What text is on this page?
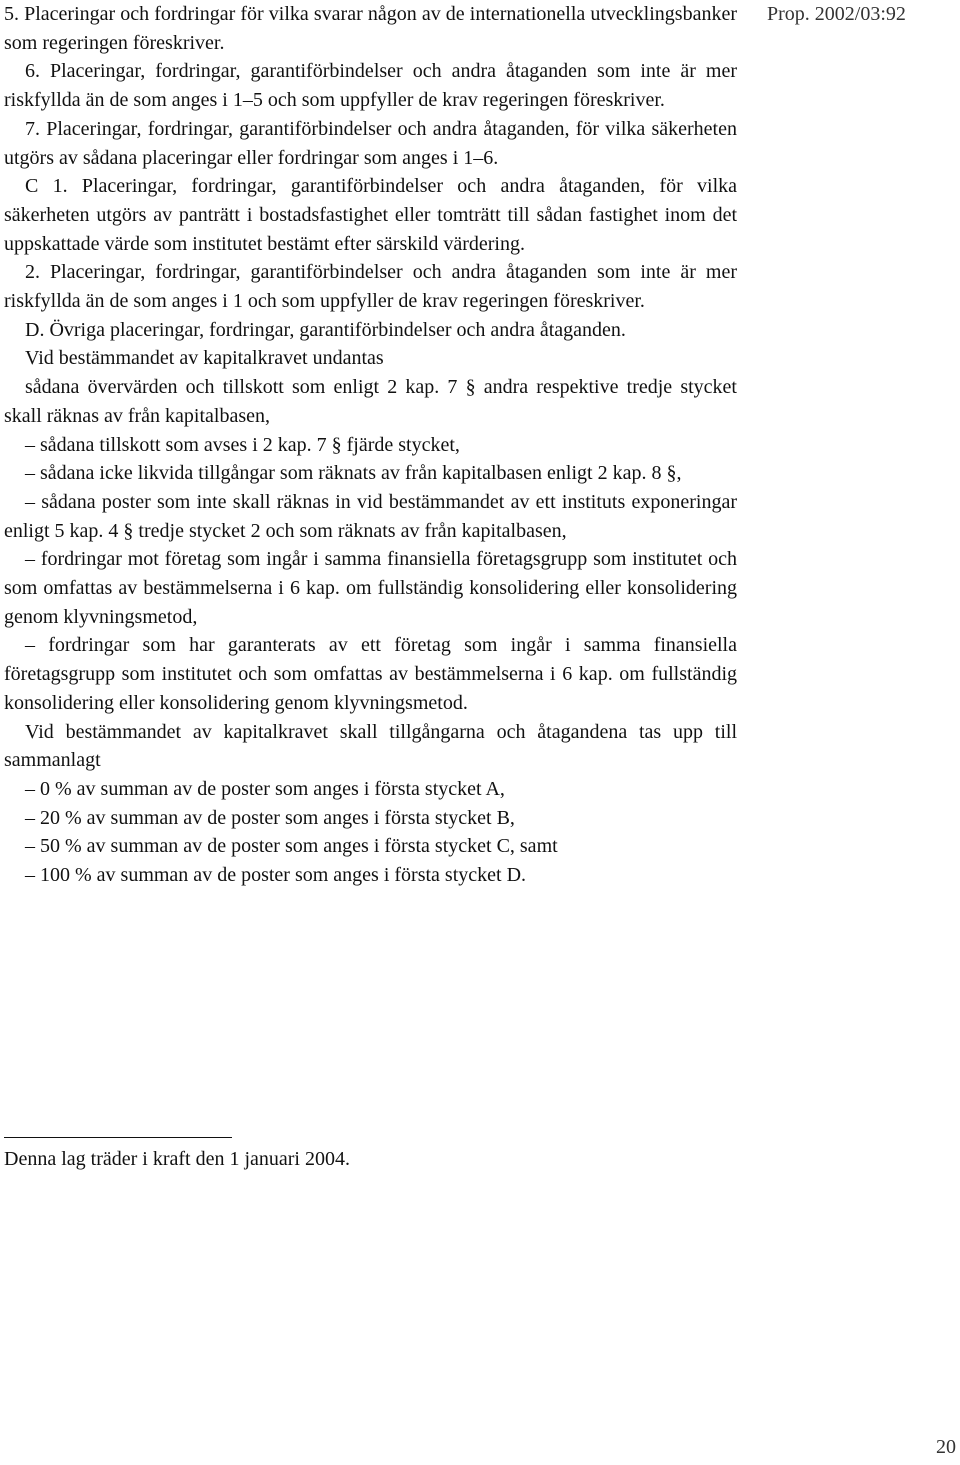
Prop. 2002/03:92

5. Placeringar och fordringar för vilka svarar någon av de internationella utvecklingsbanker som regeringen föreskriver.

6. Placeringar, fordringar, garantiförbindelser och andra åtaganden som inte är mer riskfyllda än de som anges i 1–5 och som uppfyller de krav regeringen föreskriver.

7. Placeringar, fordringar, garantiförbindelser och andra åtaganden, för vilka säkerheten utgörs av sådana placeringar eller fordringar som anges i 1–6.

C 1. Placeringar, fordringar, garantiförbindelser och andra åtaganden, för vilka säkerheten utgörs av panträtt i bostadsfastighet eller tomträtt till sådan fastighet inom det uppskattade värde som institutet bestämt efter särskild värdering.

2. Placeringar, fordringar, garantiförbindelser och andra åtaganden som inte är mer riskfyllda än de som anges i 1 och som uppfyller de krav regeringen föreskriver.

D. Övriga placeringar, fordringar, garantiförbindelser och andra åtaganden.

Vid bestämmandet av kapitalkravet undantas

sådana övervärden och tillskott som enligt 2 kap. 7 § andra respektive tredje stycket skall räknas av från kapitalbasen,

– sådana tillskott som avses i 2 kap. 7 § fjärde stycket,

– sådana icke likvida tillgångar som räknats av från kapitalbasen enligt 2 kap. 8 §,

– sådana poster som inte skall räknas in vid bestämmandet av ett instituts exponeringar enligt 5 kap. 4 § tredje stycket 2 och som räknats av från kapitalbasen,

– fordringar mot företag som ingår i samma finansiella företagsgrupp som institutet och som omfattas av bestämmelserna i 6 kap. om fullständig konsolidering eller konsolidering genom klyvningsmetod,

– fordringar som har garanterats av ett företag som ingår i samma finansiella företagsgrupp som institutet och som omfattas av bestämmelserna i 6 kap. om fullständig konsolidering eller konsolidering genom klyvningsmetod.

Vid bestämmandet av kapitalkravet skall tillgångarna och åtagandena tas upp till sammanlagt

– 0 % av summan av de poster som anges i första stycket A,

– 20 % av summan av de poster som anges i första stycket B,

– 50 % av summan av de poster som anges i första stycket C, samt

– 100 % av summan av de poster som anges i första stycket D.

Denna lag träder i kraft den 1 januari 2004.
20
